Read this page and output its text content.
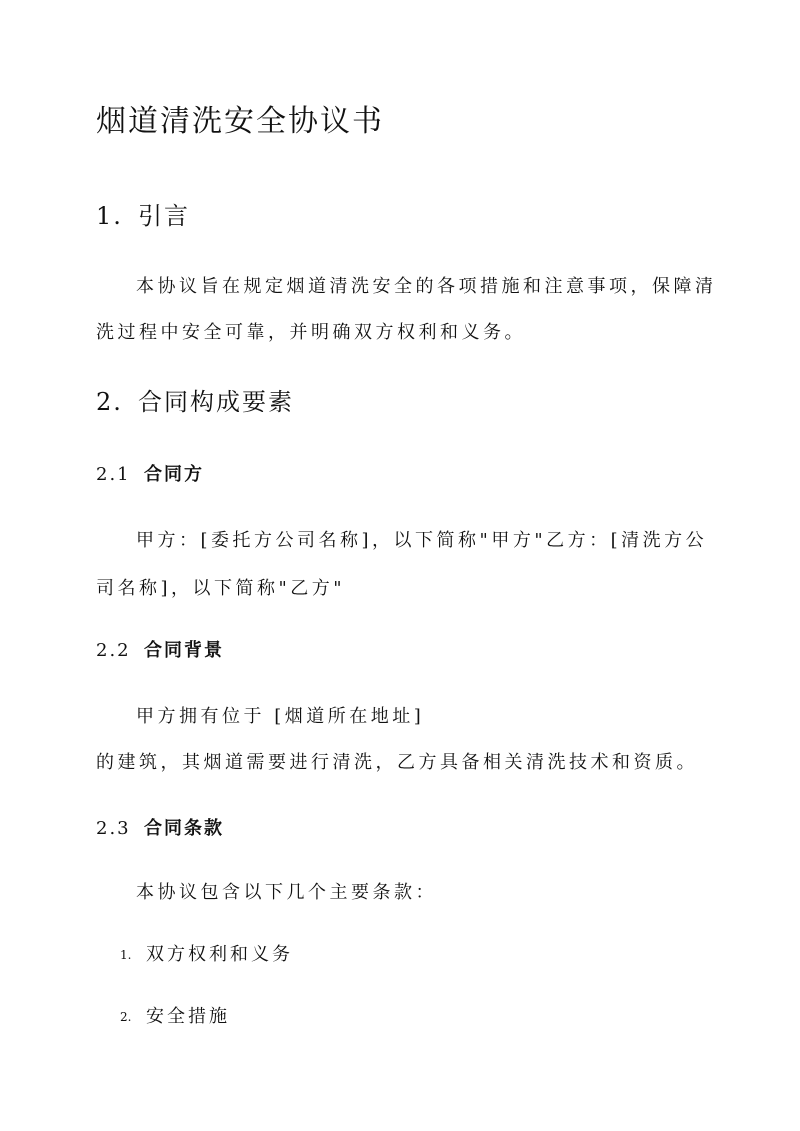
烟道清洗安全协议书
1. 引言
本协议旨在规定烟道清洗安全的各项措施和注意事项，保障清
洗过程中安全可靠，并明确双方权利和义务。
2. 合同构成要素
2.1 合同方
甲方：[委托方公司名称]，以下简称"甲方"乙方：[清洗方公
司名称]，以下简称"乙方"
2.2 合同背景
甲方拥有位于 [烟道所在地址]
的建筑，其烟道需要进行清洗，乙方具备相关清洗技术和资质。
2.3 合同条款
本协议包含以下几个主要条款：
1. 双方权利和义务
2. 安全措施
